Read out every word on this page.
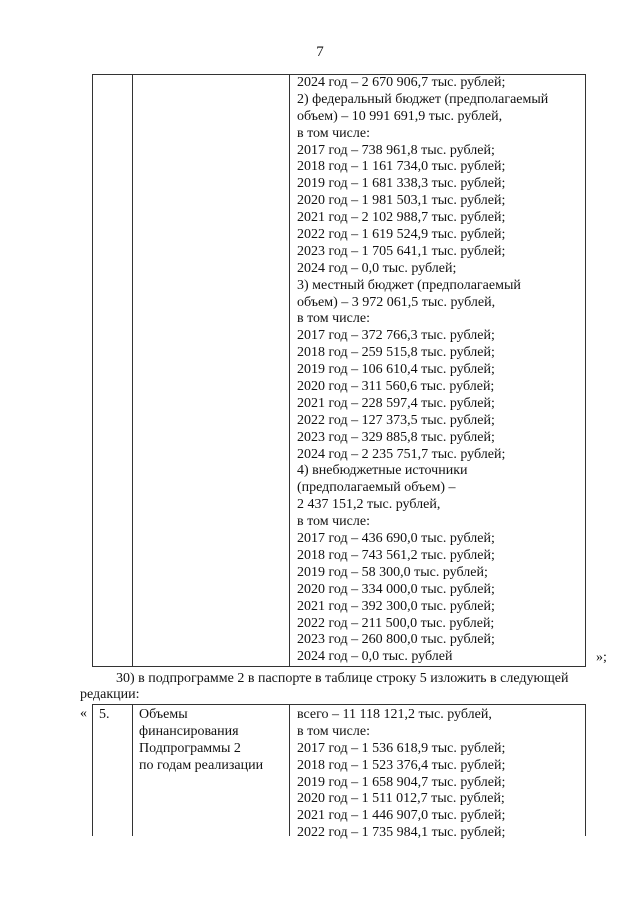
7
2024 год – 2 670 906,7 тыс. рублей;
2) федеральный бюджет (предполагаемый
объем) – 10 991 691,9 тыс. рублей,
в том числе:
2017 год – 738 961,8 тыс. рублей;
2018 год – 1 161 734,0 тыс. рублей;
2019 год – 1 681 338,3 тыс. рублей;
2020 год – 1 981 503,1 тыс. рублей;
2021 год – 2 102 988,7 тыс. рублей;
2022 год – 1 619 524,9 тыс. рублей;
2023 год – 1 705 641,1 тыс. рублей;
2024 год – 0,0 тыс. рублей;
3) местный бюджет (предполагаемый
объем) – 3 972 061,5 тыс. рублей,
в том числе:
2017 год – 372 766,3 тыс. рублей;
2018 год – 259 515,8 тыс. рублей;
2019 год – 106 610,4 тыс. рублей;
2020 год – 311 560,6 тыс. рублей;
2021 год – 228 597,4 тыс. рублей;
2022 год – 127 373,5 тыс. рублей;
2023 год – 329 885,8 тыс. рублей;
2024 год – 2 235 751,7 тыс. рублей;
4) внебюджетные источники
(предполагаемый объем) –
2 437 151,2 тыс. рублей,
в том числе:
2017 год – 436 690,0 тыс. рублей;
2018 год – 743 561,2 тыс. рублей;
2019 год – 58 300,0 тыс. рублей;
2020 год – 334 000,0 тыс. рублей;
2021 год – 392 300,0 тыс. рублей;
2022 год – 211 500,0 тыс. рублей;
2023 год – 260 800,0 тыс. рублей;
2024 год – 0,0 тыс. рублей	»;
30) в подпрограмме 2 в паспорте в таблице строку 5 изложить в следующей
редакции:
« 5.	Объемы
финансирования
Подпрограммы 2
по годам реализации
всего – 11 118 121,2 тыс. рублей,
в том числе:
2017 год – 1 536 618,9 тыс. рублей;
2018 год – 1 523 376,4 тыс. рублей;
2019 год – 1 658 904,7 тыс. рублей;
2020 год – 1 511 012,7 тыс. рублей;
2021 год – 1 446 907,0 тыс. рублей;
2022 год – 1 735 984,1 тыс. рублей;
